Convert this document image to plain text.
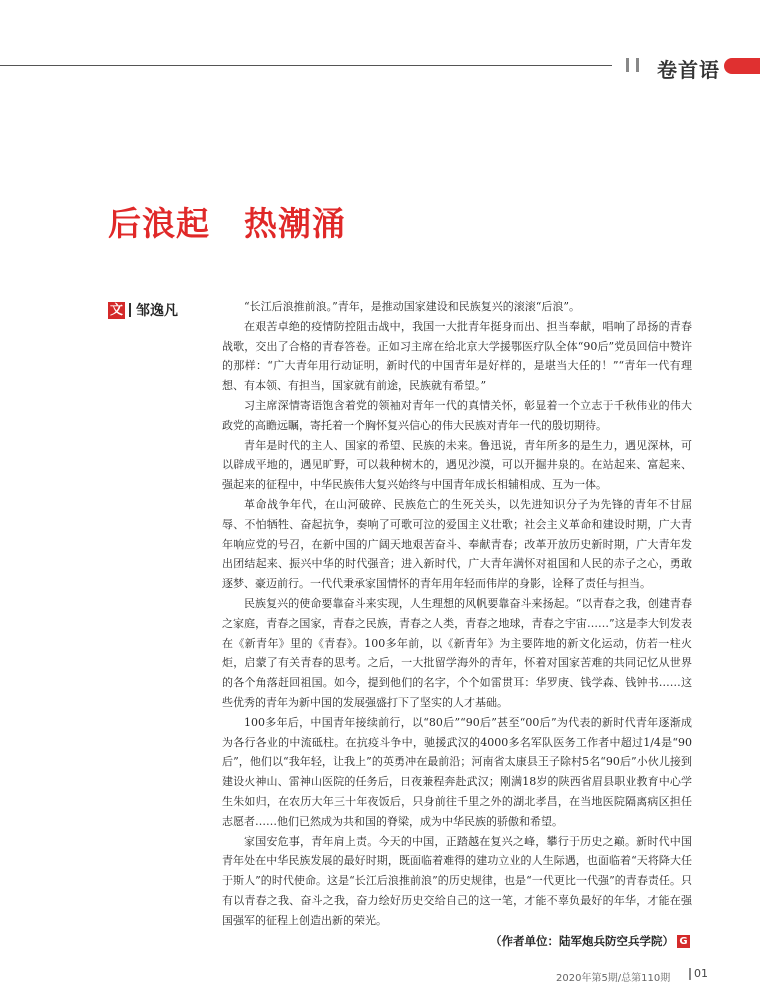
卷首语
后浪起　热潮涌
文 邹逸凡	“长江后浪推前浪。”青年，是推动国家建设和民族复兴的滚滚“后浪”。

在艰苦卓绝的疫情防控阻击战中，我国一大批青年挺身而出、担当奉献，唱响了昂扬的青春战歌，交出了合格的青春答卷。正如习主席在给北京大学援鄂医疗队全体“90后”党员回信中赞许的那样：“广大青年用行动证明，新时代的中国青年是好样的，是堪当大任的！”“青年一代有理想、有本领、有担当，国家就有前途，民族就有希望。”

习主席深情寄语饱含着党的领袖对青年一代的真情关怀，彰显着一个立志于千秋伟业的伟大政党的高瞻远瞩，寄托着一个胸怀复兴信心的伟大民族对青年一代的殷切期待。

青年是时代的主人、国家的希望、民族的未来。鲁迅说，青年所多的是生力，遇见深林，可以辟成平地的，遇见旷野，可以栽种树木的，遇见沙漠，可以开掘井泉的。在站起来、富起来、强起来的征程中，中华民族伟大复兴始终与中国青年成长相辅相成、互为一体。

革命战争年代，在山河破碎、民族危亡的生死关头，以先进知识分子为先锋的青年不甘屈辱、不怕牺牲、奋起抗争，奏响了可歌可泣的爱国主义壮歌；社会主义革命和建设时期，广大青年响应党的号召，在新中国的广阔天地艰苦奋斗、奉献青春；改革开放历史新时期，广大青年发出团结起来、振兴中华的时代强音；进入新时代，广大青年满怀对祖国和人民的赤子之心，勇敢逐梦、豪迈前行。一代代秉承家国情怀的青年用年轻而伟岸的身影，诠释了责任与担当。

民族复兴的使命要靠奋斗来实现，人生理想的风帆要靠奋斗来扬起。“以青春之我，创建青春之家庭，青春之国家，青春之民族，青春之人类，青春之地球，青春之宇宙……”这是李大钊发表在《新青年》里的《青春》。100多年前，以《新青年》为主要阵地的新文化运动，仿若一柱火炬，启蒙了有关青春的思考。之后，一大批留学海外的青年，怀着对国家苦难的共同记忆从世界的各个角落赶回祖国。如今，提到他们的名字，个个如雷贯耳：华罗庚、钱学森、钱钟书……这些优秀的青年为新中国的发展强盛打下了坚实的人才基础。

100多年后，中国青年接续前行，以“80后”“90后”甚至“00后”为代表的新时代青年逐渐成为各行各业的中流砥柱。在抗疫斗争中，驰援武汉的4000多名军队医务工作者中超过1/4是“90后”，他们以“我年轻，让我上”的英勇冲在最前沿；河南省太康县王子除村5名“90后”小伙儿接到建设火神山、雷神山医院的任务后，日夜兼程奔赴武汉；刚满18岁的陕西省眉县职业教育中心学生朱如归，在农历大年三十年夜饭后，只身前往千里之外的湖北孝昌，在当地医院隔离病区担任志愿者……他们已然成为共和国的脊梁，成为中华民族的骄傲和希望。

家国安危事，青年肩上责。今天的中国，正踏越在复兴之峰，攀行于历史之巅。新时代中国青年处在中华民族发展的最好时期，既面临着难得的建功立业的人生际遇，也面临着“天将降大任于斯人”的时代使命。这是“长江后浪推前浪”的历史规律，也是“一代更比一代强”的青春责任。只有以青春之我、奋斗之我，奋力绘好历史交给自己的这一笔，才能不辜负最好的年华，才能在强国强军的征程上创造出新的荣光。

（作者单位：陆军炮兵防空兵学院） G
2020年第5期/总第110期 01
